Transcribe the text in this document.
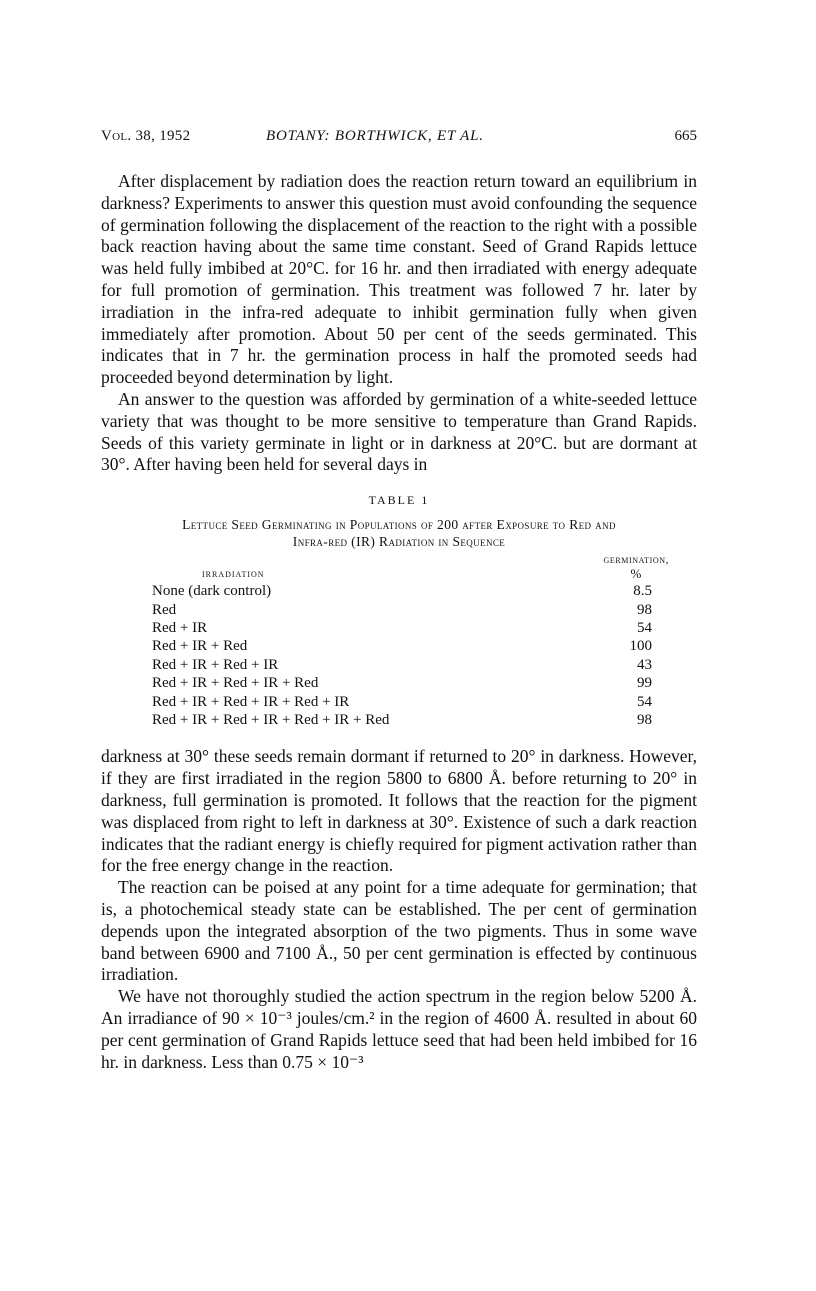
Vol. 38, 1952	BOTANY: BORTHWICK, ET AL.	665

After displacement by radiation does the reaction return toward an equilibrium in darkness? Experiments to answer this question must avoid confounding the sequence of germination following the displacement of the reaction to the right with a possible back reaction having about the same time constant. Seed of Grand Rapids lettuce was held fully imbibed at 20°C. for 16 hr. and then irradiated with energy adequate for full promotion of germination. This treatment was followed 7 hr. later by irradiation in the infra-red adequate to inhibit germination fully when given immediately after promotion. About 50 per cent of the seeds germinated. This indicates that in 7 hr. the germination process in half the promoted seeds had proceeded beyond determination by light.

An answer to the question was afforded by germination of a white-seeded lettuce variety that was thought to be more sensitive to temperature than Grand Rapids. Seeds of this variety germinate in light or in darkness at 20°C. but are dormant at 30°. After having been held for several days in

TABLE 1
Lettuce Seed Germinating in Populations of 200 after Exposure to Red and
Infra-red (IR) Radiation in Sequence
irradiation
germination,
%
None (dark control)	8.5
Red	98
Red + IR	54
Red + IR + Red	100
Red + IR + Red + IR	43
Red + IR + Red + IR + Red	99
Red + IR + Red + IR + Red + IR	54
Red + IR + Red + IR + Red + IR + Red	98

darkness at 30° these seeds remain dormant if returned to 20° in darkness. However, if they are first irradiated in the region 5800 to 6800 Å. before returning to 20° in darkness, full germination is promoted. It follows that the reaction for the pigment was displaced from right to left in darkness at 30°. Existence of such a dark reaction indicates that the radiant energy is chiefly required for pigment activation rather than for the free energy change in the reaction.

The reaction can be poised at any point for a time adequate for germination; that is, a photochemical steady state can be established. The per cent of germination depends upon the integrated absorption of the two pigments. Thus in some wave band between 6900 and 7100 Å., 50 per cent germination is effected by continuous irradiation.

We have not thoroughly studied the action spectrum in the region below 5200 Å. An irradiance of 90 × 10⁻³ joules/cm.² in the region of 4600 Å. resulted in about 60 per cent germination of Grand Rapids lettuce seed that had been held imbibed for 16 hr. in darkness. Less than 0.75 × 10⁻³
